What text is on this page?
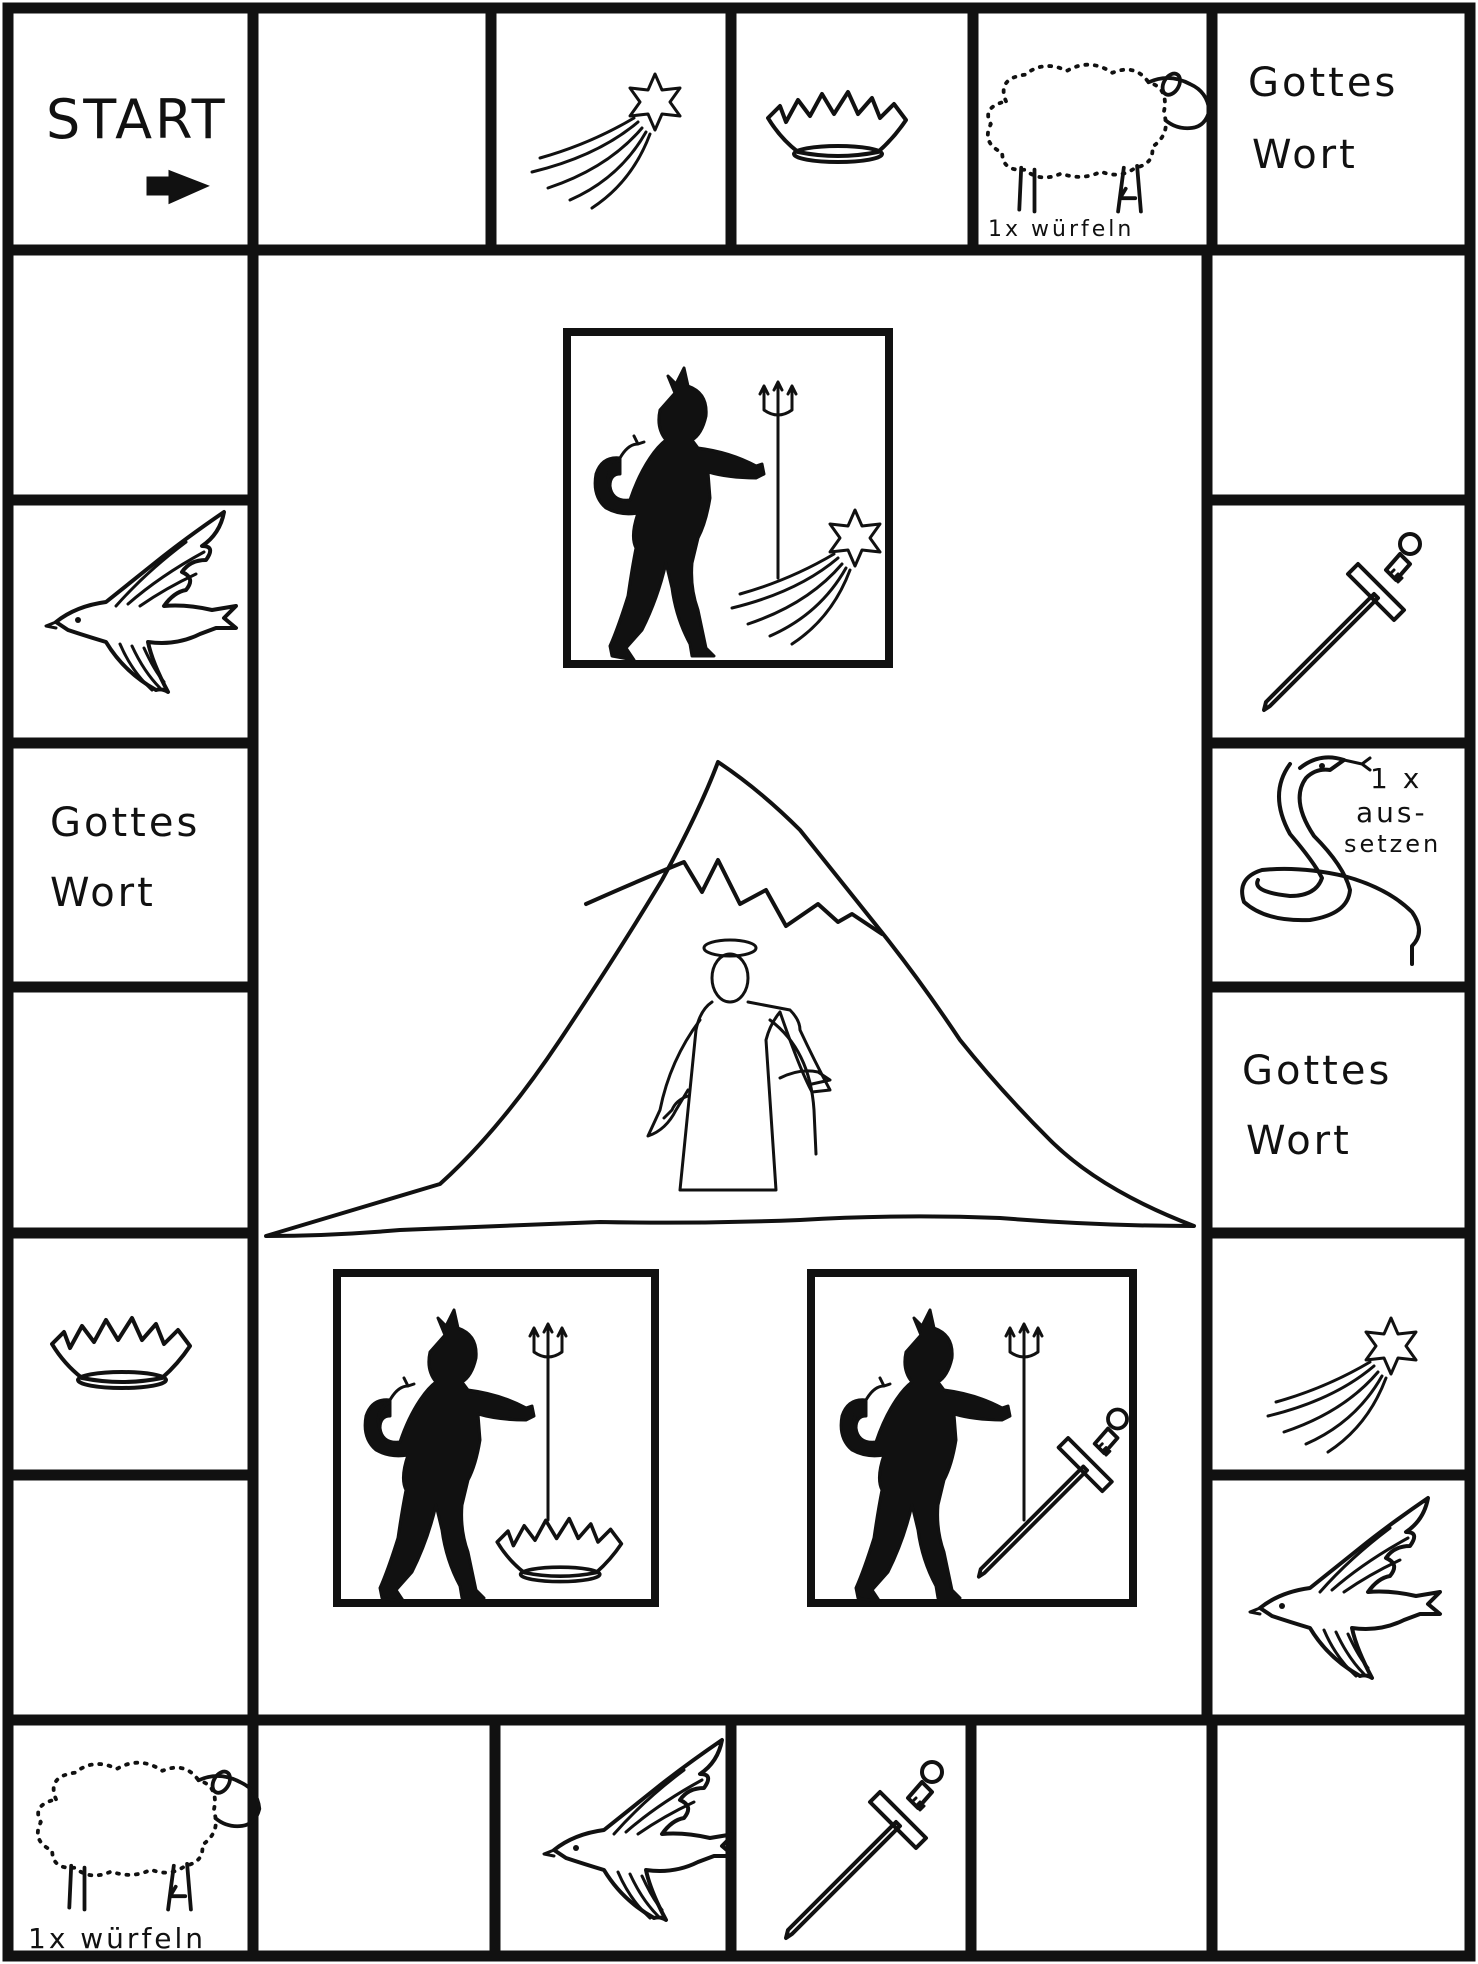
START
1x würfeln
Gottes
Wort
Gottes
Wort
1 x
aus-
setzen
Gottes
Wort
1x würfeln
